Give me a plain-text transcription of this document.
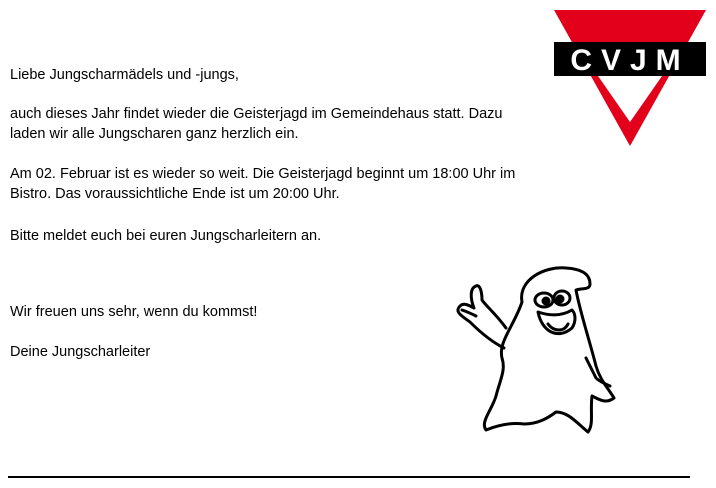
Liebe Jungscharmädels und -jungs,
auch dieses Jahr findet wieder die Geisterjagd im Gemeindehaus statt. Dazu laden wir alle Jungscharen ganz herzlich ein.
Am 02. Februar ist es wieder so weit. Die Geisterjagd beginnt um 18:00 Uhr im Bistro. Das voraussichtliche Ende ist um 20:00 Uhr.
Bitte meldet euch bei euren Jungscharleitern an.
Wir freuen uns sehr, wenn du kommst!
Deine Jungscharleiter
CVJM
